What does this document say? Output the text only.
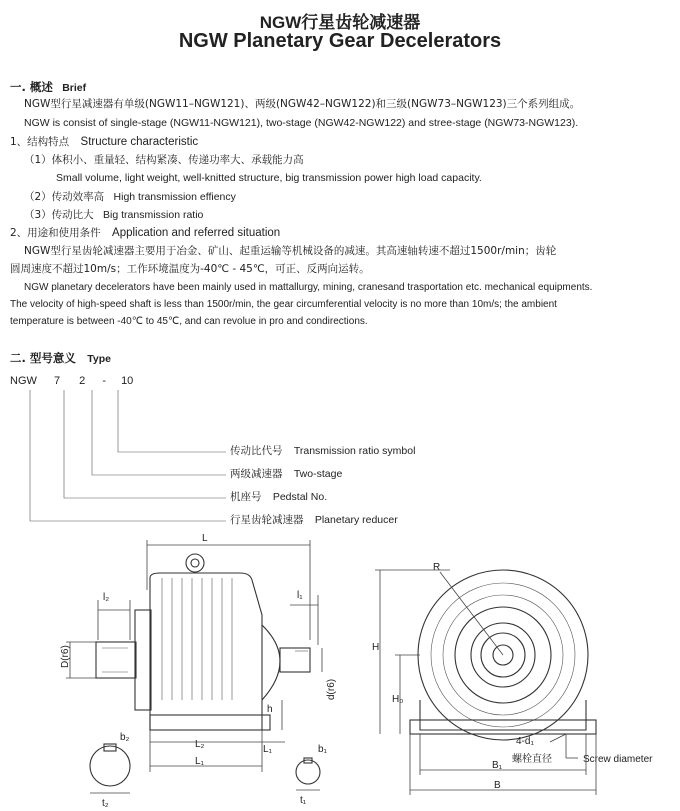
NGW行星齿轮减速器
NGW Planetary Gear Decelerators
一. 概述 Brief
NGW型行星减速器有单级(NGW11–NGW121)、两级(NGW42–NGW122)和三级(NGW73–NGW123)三个系列组成。
NGW is consist of single-stage (NGW11-NGW121), two-stage (NGW42-NGW122) and stree-stage (NGW73-NGW123).
1、结构特点 Structure characteristic
（1）体积小、重量轻、结构紧凑、传递功率大、承载能力高
Small volume, light weight, well-knitted structure, big transmission power high load capacity.
（2）传动效率高 High transmission effiency
（3）传动比大 Big transmission ratio
2、用途和使用条件 Application and referred situation
NGW型行星齿轮减速器主要用于冶金、矿山、起重运输等机械设备的减速。其高速轴转速不超过1500r/min；齿轮
圆周速度不超过10m/s；工作环境温度为-40℃ - 45℃，可正、反两向运转。
NGW planetary decelerators have been mainly used in mattallurgy, mining, cranesand trasportation etc. mechanical equipments.
The velocity of high-speed shaft is less than 1500r/min, the gear circumferential velocity is no more than 10m/s; the ambient
temperature is between -40℃ to 45℃, and can revolue in pro and condirections.
二. 型号意义 Type
NGW 7 2 - 10
传动比代号 Transmission ratio symbol
两级减速器 Two-stage
机座号 Pedstal No.
行星齿轮减速器 Planetary reducer
L
l₂	l₁
D(r6)
d(r6)
h
L₂	L₁
L₁
t₂
b₂
t₁
b₁
R
H
H₀
4-d₁
螺栓直径	Screw diameter
B₁
B
